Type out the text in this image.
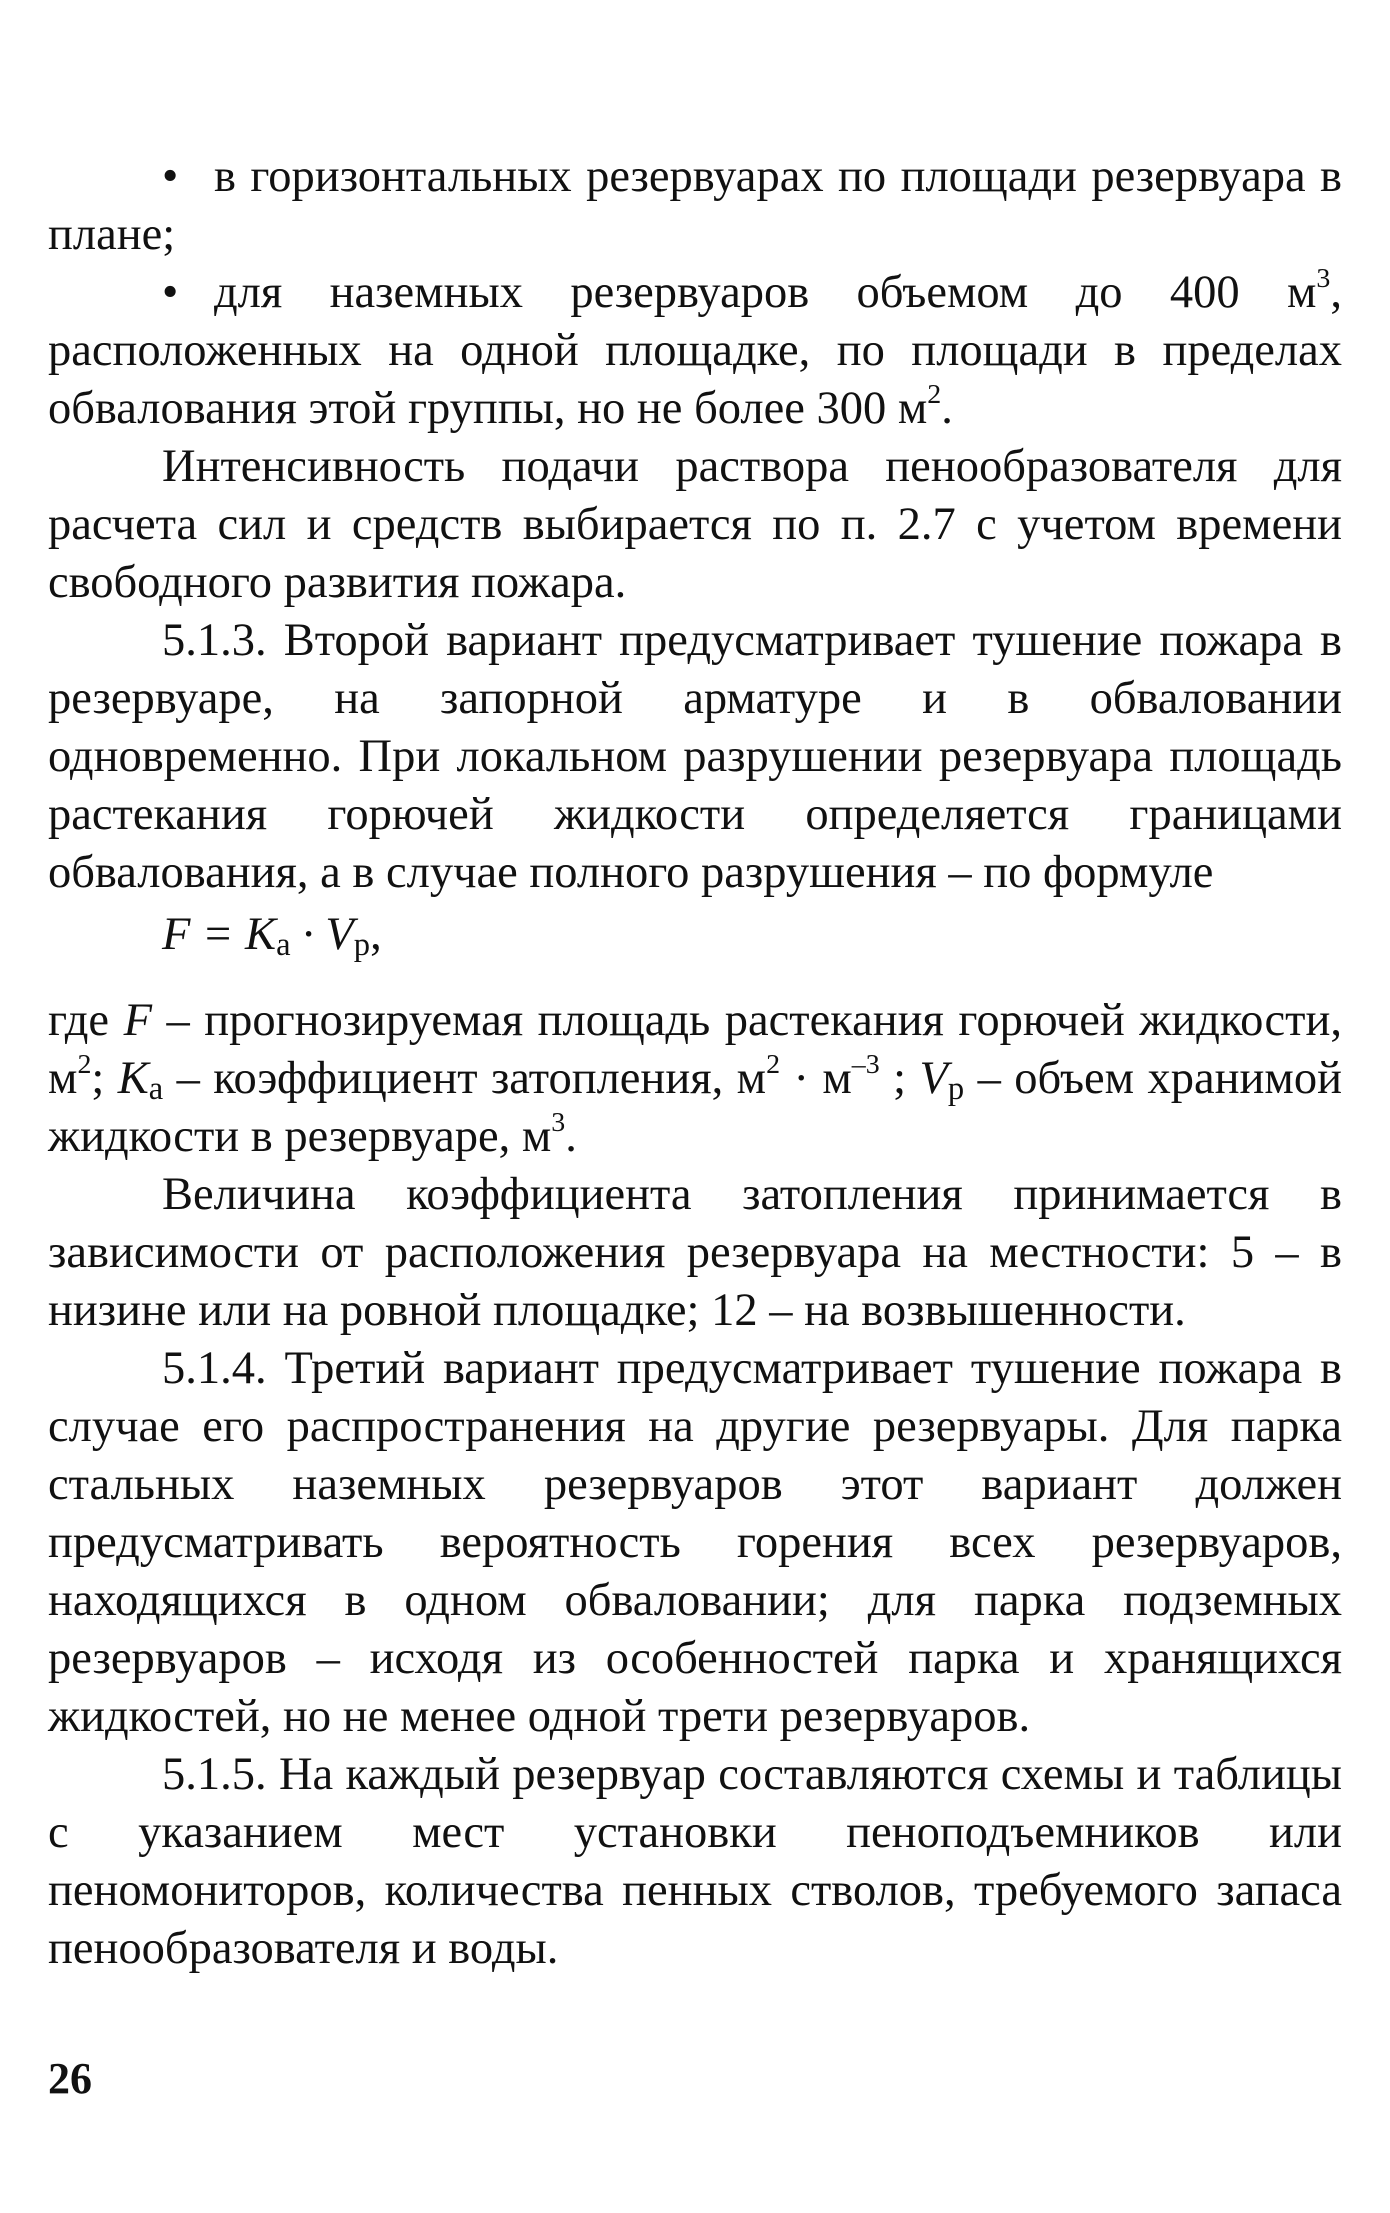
• в горизонтальных резервуарах по площади резервуара в плане;

• для наземных резервуаров объемом до 400 $м^3$, расположенных на одной площадке, по площади в пределах обвалования этой группы, но не более 300 $м^2$.

Интенсивность подачи раствора пенообразователя для расчета сил и средств выбирается по п. 2.7 с учетом времени свободного развития пожара.

5.1.3. Второй вариант предусматривает тушение пожара в резервуаре, на запорной арматуре и в обваловании одновременно. При локальном разрушении резервуара площадь растекания горючей жидкости определяется границами обвалования, а в случае полного разрушения – по формуле

F = Kа · Vр,

где F – прогнозируемая площадь растекания горючей жидкости, $м^2$; Kа – коэффициент затопления, $м^2 \cdot м^{-3}$ ; Vр – объем хранимой жидкости в резервуаре, $м^3$.

Величина коэффициента затопления принимается в зависимости от расположения резервуара на местности: 5 – в низине или на ровной площадке; 12 – на возвышенности.

5.1.4. Третий вариант предусматривает тушение пожара в случае его распространения на другие резервуары. Для парка стальных наземных резервуаров этот вариант должен предусматривать вероятность горения всех резервуаров, находящихся в одном обваловании; для парка подземных резервуаров – исходя из особенностей парка и хранящихся жидкостей, но не менее одной трети резервуаров.

5.1.5. На каждый резервуар составляются схемы и таблицы с указанием мест установки пеноподъемников или пеномониторов, количества пенных стволов, требуемого запаса пенообразователя и воды.

26
